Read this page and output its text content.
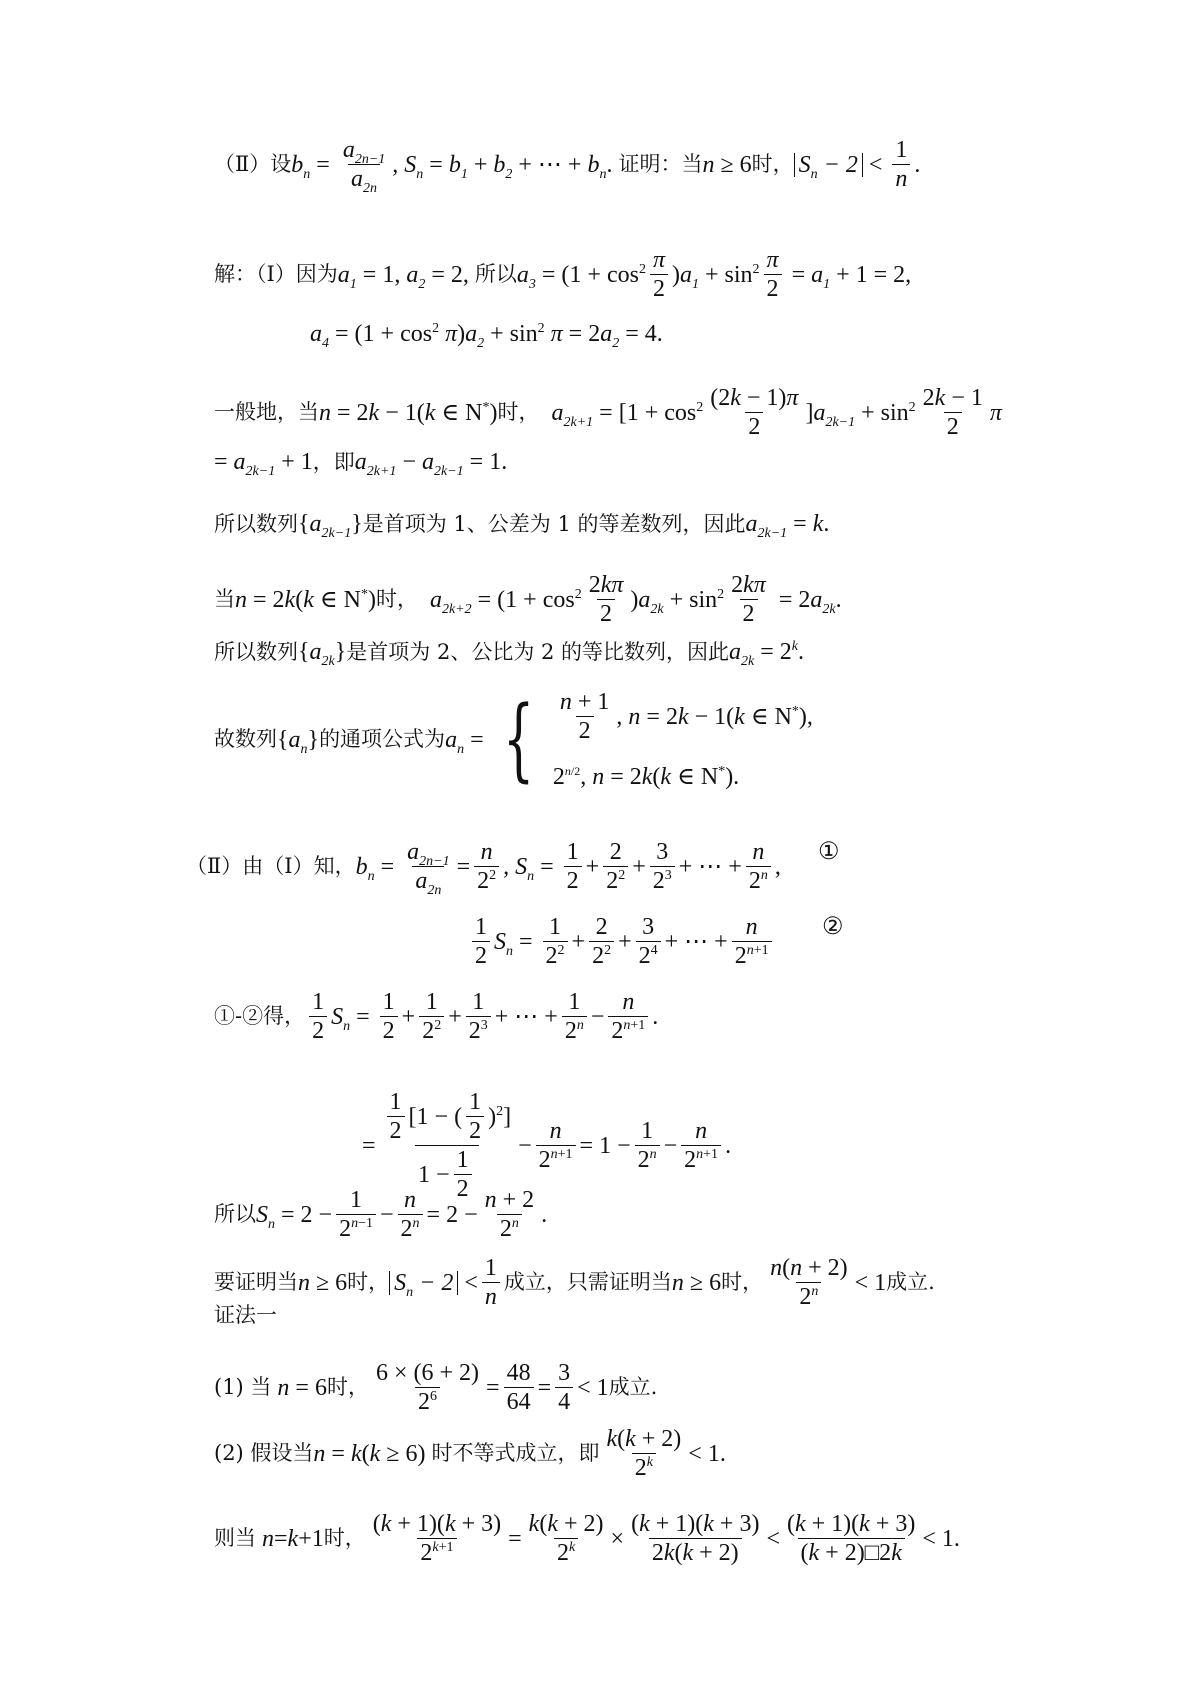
（Ⅱ）设 $b_n = \frac{a_{2n-1}}{a_{2n}}$ , $S_n = b_1 + b_2$ + ⋯ + $b_n$ . 证明：当 n ≥ 6 时， $S_n - 2 < \frac{1}{n}$ .
解：（Ⅰ）因为 $a_1 = 1$, $a_2 = 2$, 所以 $a_3 = (1 + \cos^2 \frac{\pi}{2}$ ) $a_1 + \sin^2 \frac{\pi}{2} = a_1 + 1 = 2$,
$a_4 = (1 + \cos^2 \pi$ ) $a_2 + \sin^2 \pi = 2$ $a_2 = 4$.
一般地，当 n = 2 k − 1( k ∈ N*) 时，
$a_{2k+1} = [1 + \cos^2 \frac{(2k - 1)\pi}{2}$ ] $a_{2k-1} + \sin^2 \frac{2k - 1}{2}$ π
= $a_{2k-1} + 1$ ，即 $a_{2k+1} - a_{2k-1} = 1$.
所以数列 { $a_{2k-1}$ } 是首项为 1、公差为 1 的等差数列，因此 $a_{2k-1} = k$ .
当 n = 2 k ( k ∈ N*) 时，
$a_{2k+2} = (1 + \cos^2 \frac{2k\pi}{2}$ ) $a_{2k} + \sin^2 \frac{2k\pi}{2} = 2$ $a_{2k}$ .
所以数列 { $a_{2k}$ } 是首项为 2、公比为 2 的等比数列，因此 $a_{2k} = 2^k$.
故数列 { $a_n$ } 的通项公式为 $a_n$ = { $\frac{n + 1}{2}$ , n = 2 k − 1( k ∈ N*),
$2^{n/2}$, n = 2 k ( k ∈ N*).
（Ⅱ）由（Ⅰ）知， $b_n = \frac{a_{2n-1}}{a_{2n}} = \frac{n}{2^2}$ , $S_n = \frac{1}{2} + \frac{2}{2^2} + \frac{3}{2^3}$ + ⋯ + $\frac{n}{2^n}$ ,
①
$\frac{1}{2} S_n = \frac{1}{2^2} + \frac{2}{2^2} + \frac{3}{2^4}$ + ⋯ + $\frac{n}{2^{n+1}}$ ②
①-②得， $\frac{1}{2} S_n = \frac{1}{2} + \frac{1}{2^2} + \frac{1}{2^3}$ + ⋯ + $\frac{1}{2^n} - \frac{n}{2^{n+1}}$ .
= $\frac{\frac{1}{2} [1 - ( \frac{1}{2} )^2]}{1 - \frac{1}{2}} - \frac{n}{2^{n+1}} = 1 - \frac{1}{2^n} - \frac{n}{2^{n+1}}$ .
所以 $S_n = 2 - \frac{1}{2^{n-1}} - \frac{n}{2^n} = 2 - \frac{n + 2}{2^n}$ .
要证明当 n ≥ 6 时， $S_n - 2 < \frac{1}{n}$ 成立，只需证明当 n ≥ 6 时， $\frac{n(n + 2)}{2^n} < 1$ 成立.
证法一
(1) 当 n = 6 时， $\frac{6 \times (6 + 2)}{2^6} = \frac{48}{64} = \frac{3}{4} < 1$ 成立.
(2) 假设当 n = k ( k ≥ 6) 时不等式成立，即 $\frac{k(k + 2)}{2^k} < 1$.
则当 n = k +1 时， $\frac{(k + 1)(k + 3)}{2^{k+1}} = \frac{k(k + 2)}{2^k} \times \frac{(k + 1)(k + 3)}{2k(k + 2)} < \frac{(k + 1)(k + 3)}{(k + 2)□2k} < 1$.
